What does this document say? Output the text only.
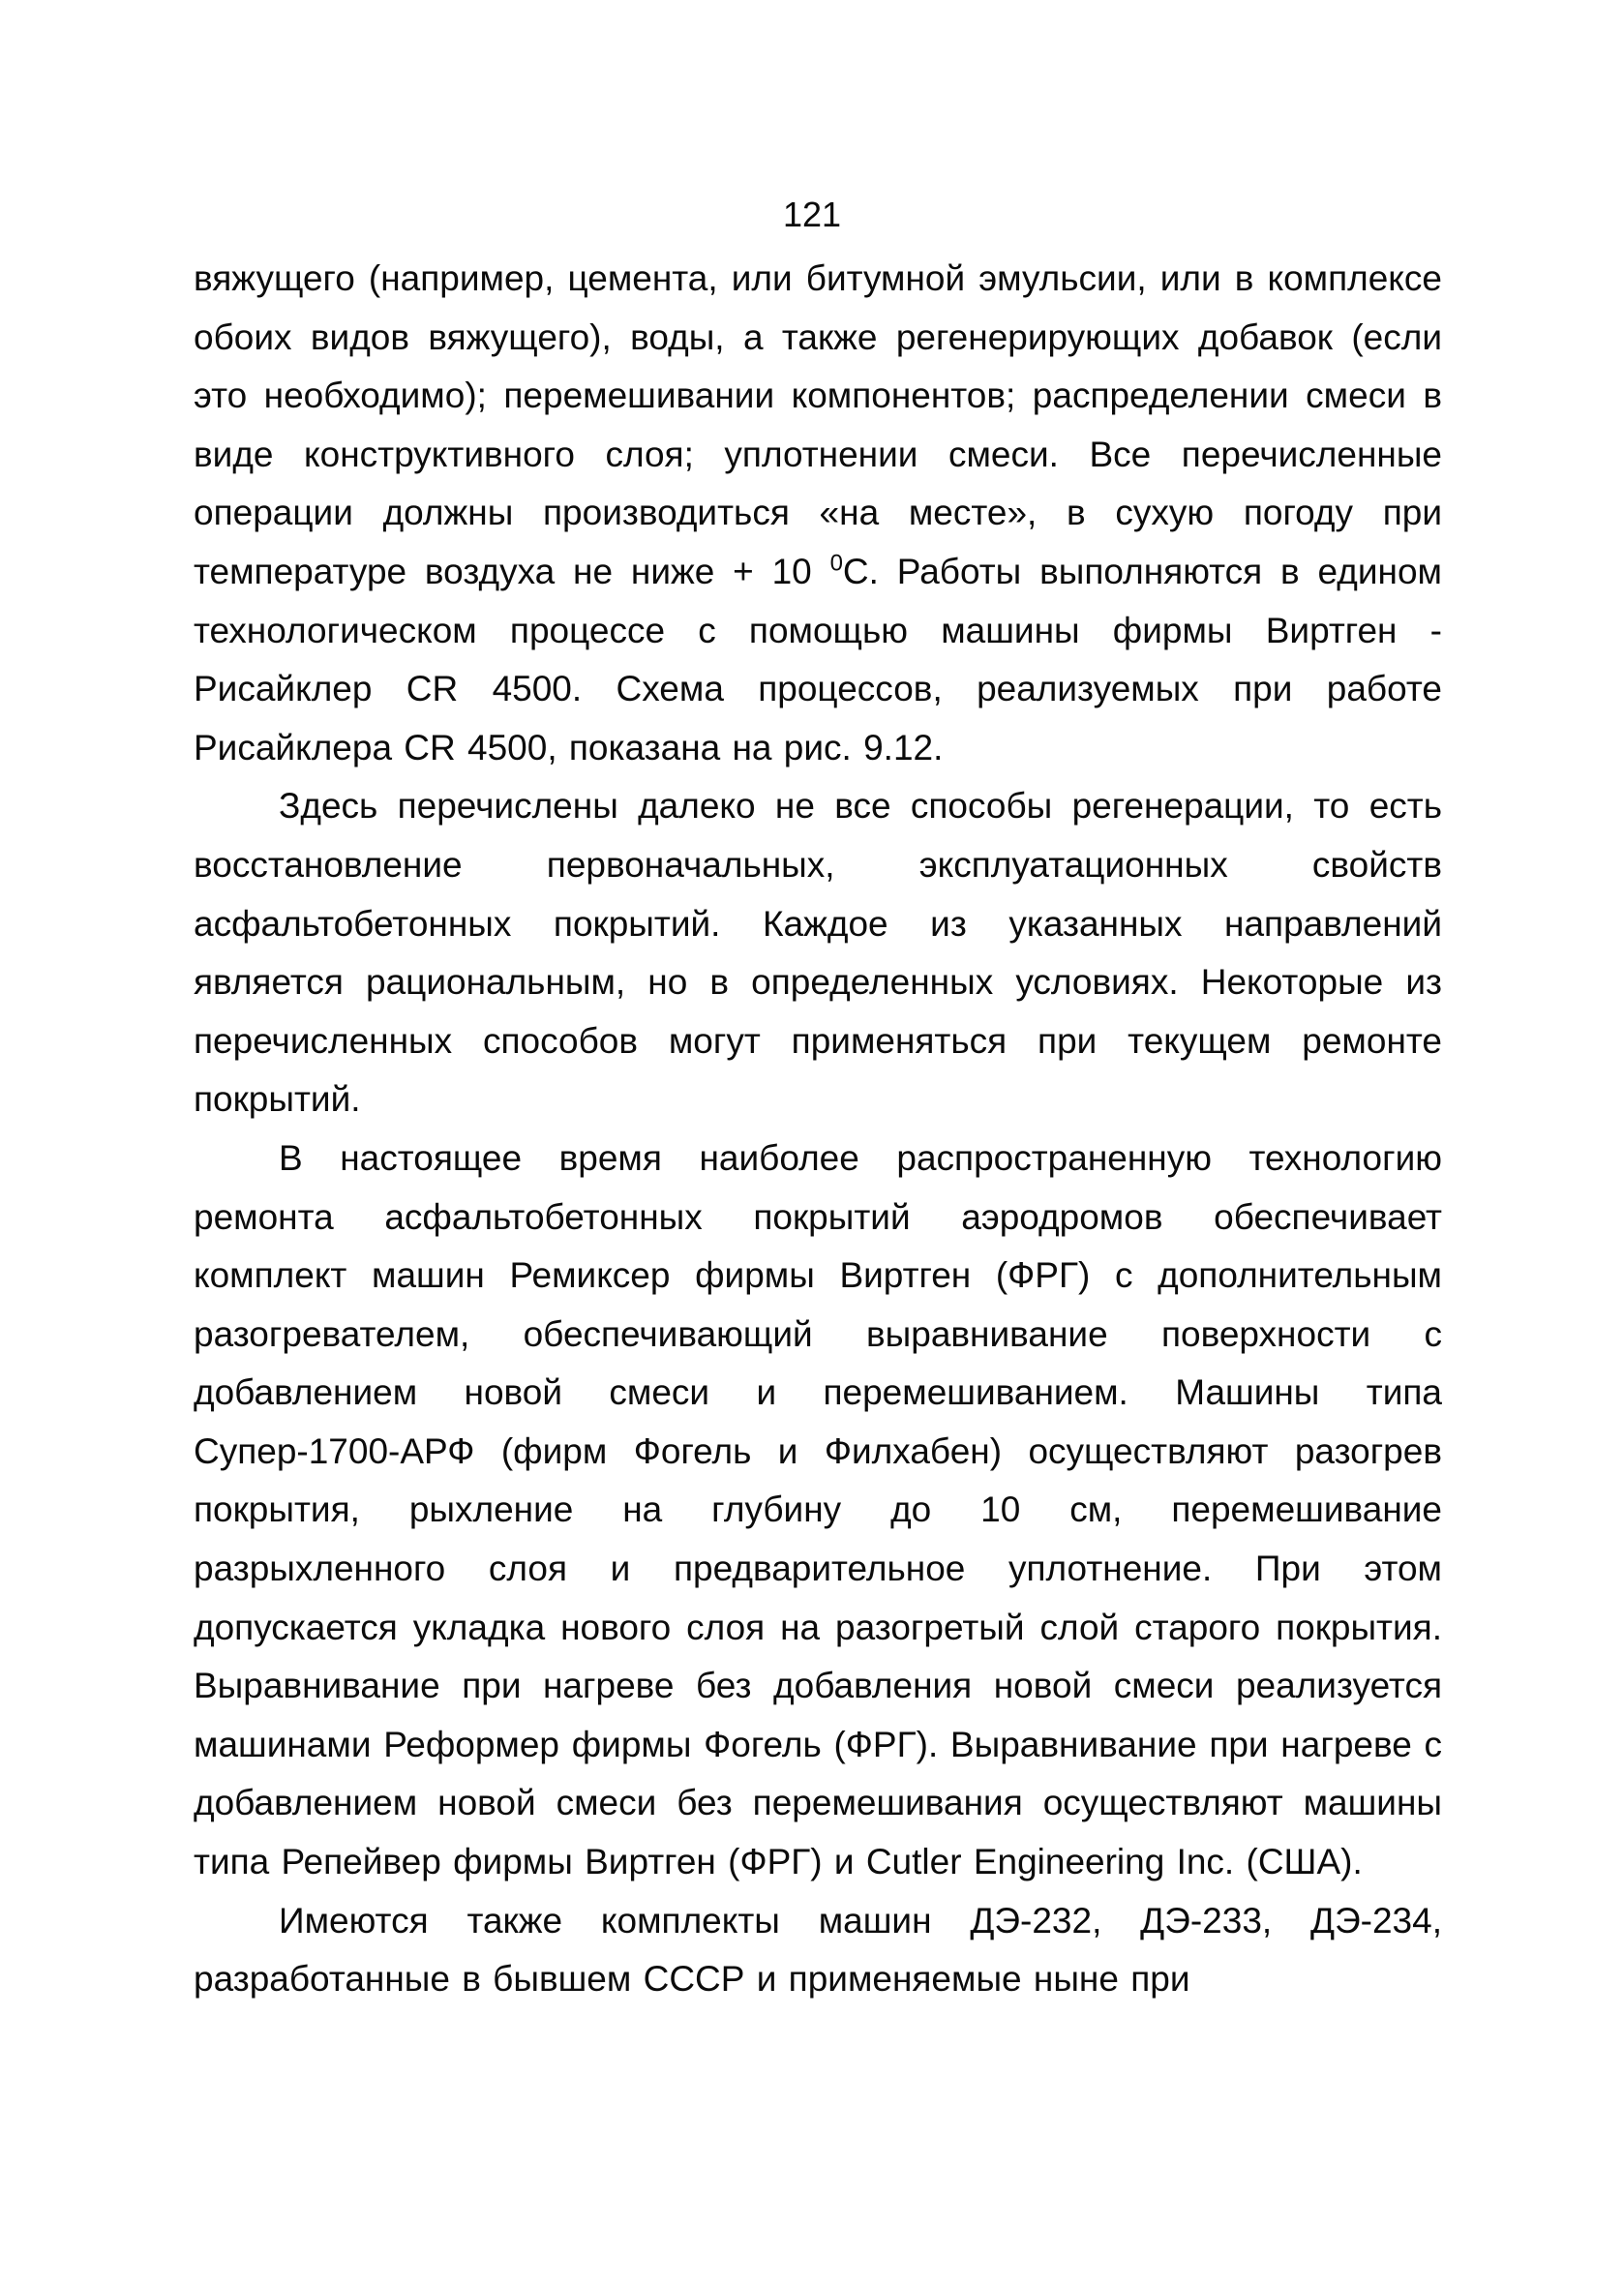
121

вяжущего (например, цемента, или битумной эмульсии, или в комплексе обоих видов вяжущего), воды, а также регенерирующих добавок (если это необходимо); перемешивании компонентов; распределении смеси в виде конструктивного слоя; уплотнении смеси. Все перечисленные операции должны производиться «на месте», в сухую погоду при температуре воздуха не ниже + 10 $^0$С. Работы выполняются в едином технологическом процессе с помощью машины фирмы Виртген - Рисайклер CR 4500. Схема процессов, реализуемых при работе Рисайклера CR 4500, показана на рис. 9.12.

Здесь перечислены далеко не все способы регенерации, то есть восстановление первоначальных, эксплуатационных свойств асфальтобетонных покрытий. Каждое из указанных направлений является рациональным, но в определенных условиях. Некоторые из перечисленных способов могут применяться при текущем ремонте покрытий.

В настоящее время наиболее распространенную технологию ремонта асфальтобетонных покрытий аэродромов обеспечивает комплект машин Ремиксер фирмы Виртген (ФРГ) с дополнительным разогревателем, обеспечивающий выравнивание поверхности с добавлением новой смеси и перемешиванием. Машины типа Супер-1700-АРФ (фирм Фогель и Филхабен) осуществляют разогрев покрытия, рыхление на глубину до 10 см, перемешивание разрыхленного слоя и предварительное уплотнение. При этом допускается укладка нового слоя на разогретый слой старого покрытия. Выравнивание при нагреве без добавления новой смеси реализуется машинами Реформер фирмы Фогель (ФРГ). Выравнивание при нагреве с добавлением новой смеси без перемешивания осуществляют машины типа Репейвер фирмы Виртген (ФРГ) и Cutler Engineering Inc. (США).

Имеются также комплекты машин ДЭ-232, ДЭ-233, ДЭ-234, разработанные в бывшем СССР и применяемые ныне при
